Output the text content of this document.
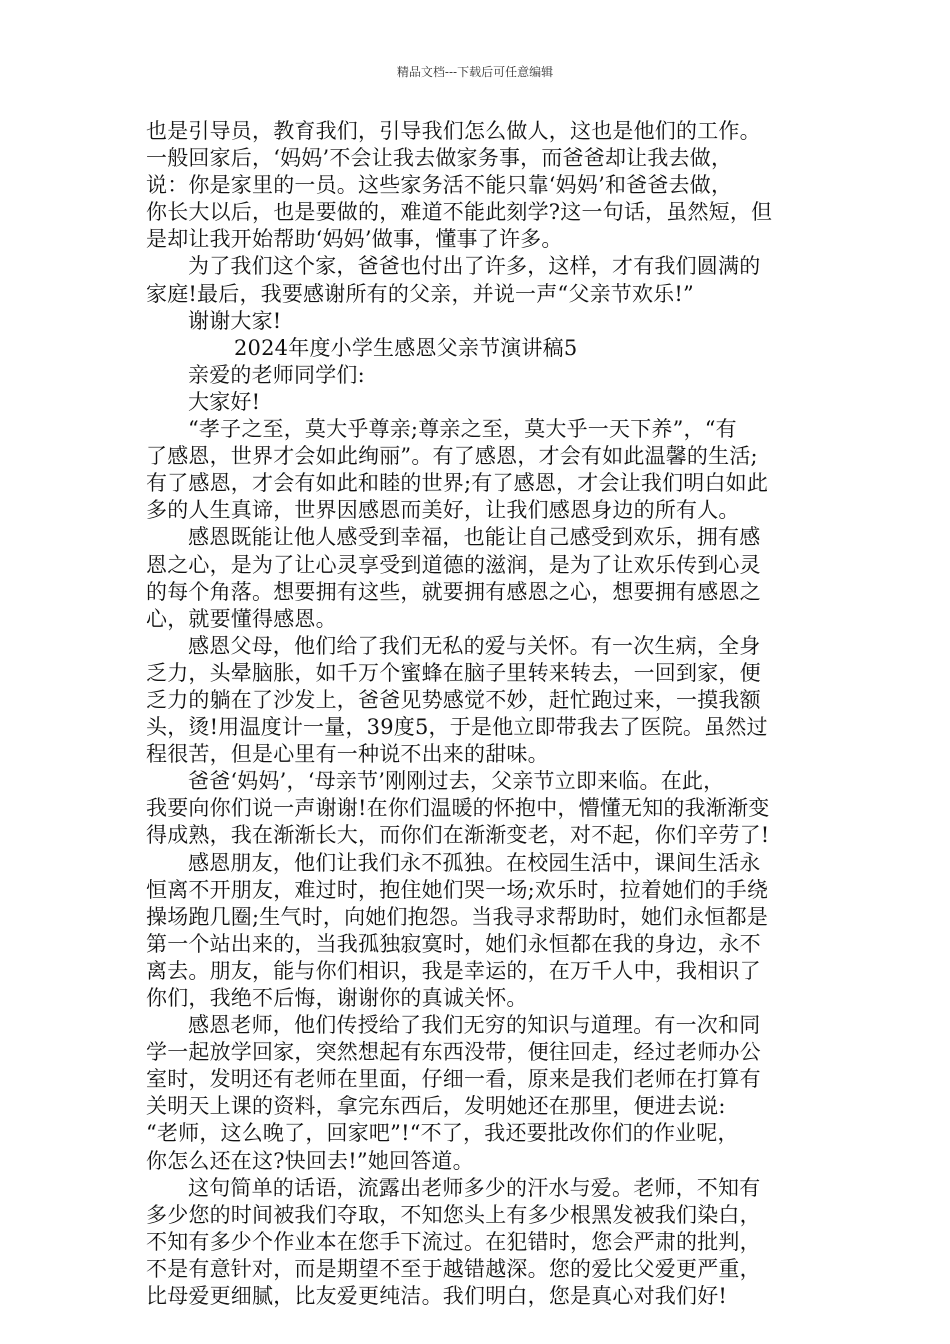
精品文档---下载后可任意编辑
也是引导员，教育我们，引导我们怎么做人，这也是他们的工作。
一般回家后，‘妈妈’不会让我去做家务事，而爸爸却让我去做，
说：你是家里的一员。这些家务活不能只靠‘妈妈’和爸爸去做，
你长大以后，也是要做的，难道不能此刻学?这一句话，虽然短，但
是却让我开始帮助‘妈妈’做事，懂事了许多。
为了我们这个家，爸爸也付出了许多，这样，才有我们圆满的
家庭!最后，我要感谢所有的父亲，并说一声“父亲节欢乐!”
谢谢大家!
2024年度小学生感恩父亲节演讲稿5
亲爱的老师同学们:
大家好!
“孝子之至，莫大乎尊亲;尊亲之至，莫大乎一天下养”，“有
了感恩，世界才会如此绚丽”。有了感恩，才会有如此温馨的生活;
有了感恩，才会有如此和睦的世界;有了感恩，才会让我们明白如此
多的人生真谛，世界因感恩而美好，让我们感恩身边的所有人。
感恩既能让他人感受到幸福，也能让自己感受到欢乐，拥有感
恩之心，是为了让心灵享受到道德的滋润，是为了让欢乐传到心灵
的每个角落。想要拥有这些，就要拥有感恩之心，想要拥有感恩之
心，就要懂得感恩。
感恩父母，他们给了我们无私的爱与关怀。有一次生病，全身
乏力，头晕脑胀，如千万个蜜蜂在脑子里转来转去，一回到家，便
乏力的躺在了沙发上，爸爸见势感觉不妙，赶忙跑过来，一摸我额
头，烫!用温度计一量，39度5，于是他立即带我去了医院。虽然过
程很苦，但是心里有一种说不出来的甜味。
爸爸‘妈妈’，‘母亲节’刚刚过去，父亲节立即来临。在此，
我要向你们说一声谢谢!在你们温暖的怀抱中，懵懂无知的我渐渐变
得成熟，我在渐渐长大，而你们在渐渐变老，对不起，你们辛劳了!
感恩朋友，他们让我们永不孤独。在校园生活中，课间生活永
恒离不开朋友，难过时，抱住她们哭一场;欢乐时，拉着她们的手绕
操场跑几圈;生气时，向她们抱怨。当我寻求帮助时，她们永恒都是
第一个站出来的，当我孤独寂寞时，她们永恒都在我的身边，永不
离去。朋友，能与你们相识，我是幸运的，在万千人中，我相识了
你们，我绝不后悔，谢谢你的真诚关怀。
感恩老师，他们传授给了我们无穷的知识与道理。有一次和同
学一起放学回家，突然想起有东西没带，便往回走，经过老师办公
室时，发明还有老师在里面，仔细一看，原来是我们老师在打算有
关明天上课的资料，拿完东西后，发明她还在那里，便进去说:
“老师，这么晚了，回家吧”!“不了，我还要批改你们的作业呢，
你怎么还在这?快回去!”她回答道。
这句简单的话语，流露出老师多少的汗水与爱。老师，不知有
多少您的时间被我们夺取，不知您头上有多少根黑发被我们染白，
不知有多少个作业本在您手下流过。在犯错时，您会严肃的批判，
不是有意针对，而是期望不至于越错越深。您的爱比父爱更严重，
比母爱更细腻，比友爱更纯洁。我们明白，您是真心对我们好!
